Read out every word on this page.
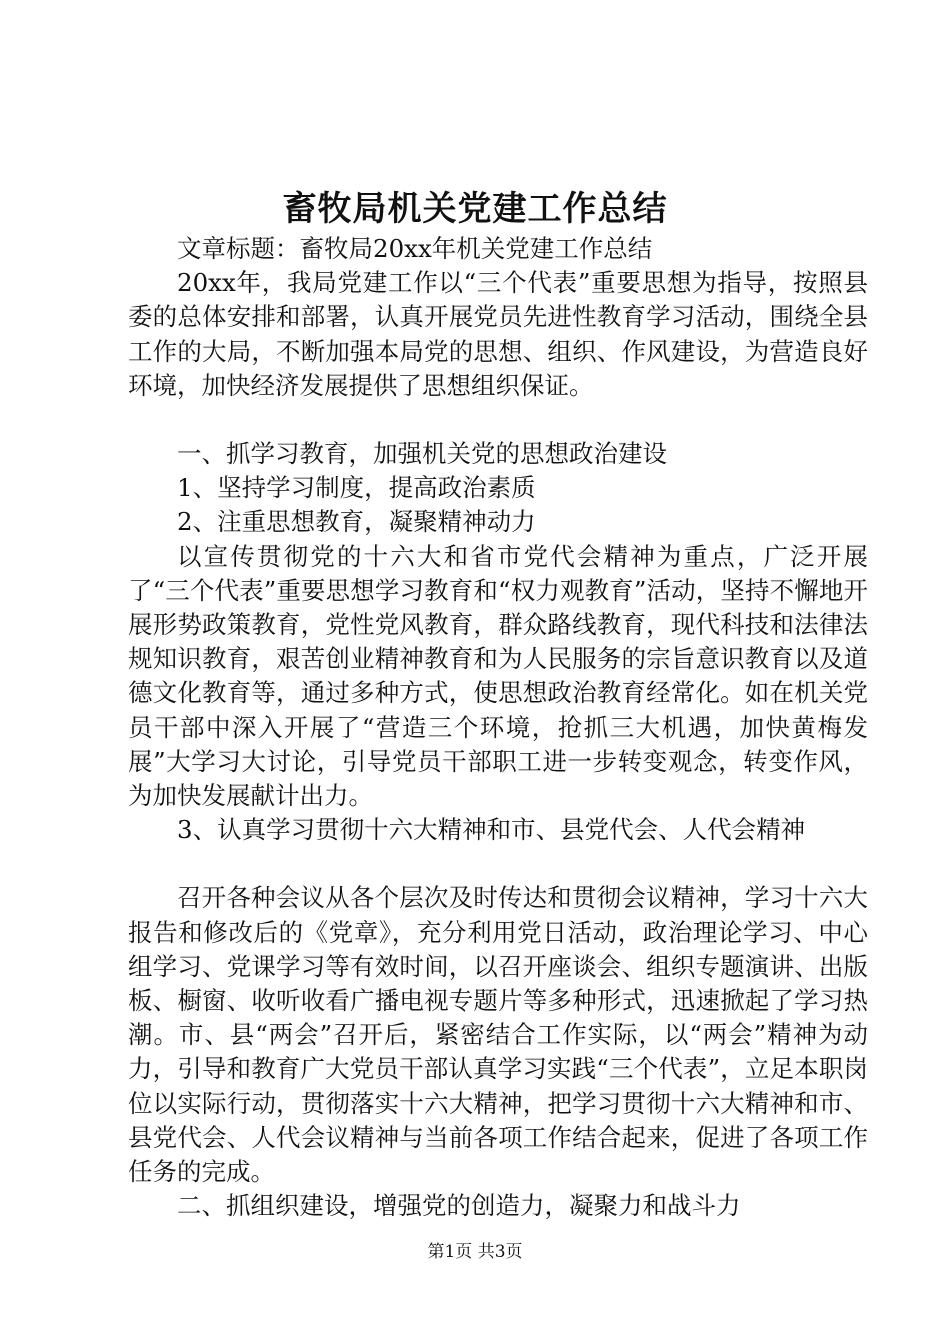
畜牧局机关党建工作总结

文章标题：畜牧局20xx年机关党建工作总结

20xx年，我局党建工作以“三个代表”重要思想为指导，按照县委的总体安排和部署，认真开展党员先进性教育学习活动，围绕全县工作的大局，不断加强本局党的思想、组织、作风建设，为营造良好环境，加快经济发展提供了思想组织保证。

一、抓学习教育，加强机关党的思想政治建设

1、坚持学习制度，提高政治素质

2、注重思想教育，凝聚精神动力

以宣传贯彻党的十六大和省市党代会精神为重点，广泛开展了“三个代表”重要思想学习教育和“权力观教育”活动，坚持不懈地开展形势政策教育，党性党风教育，群众路线教育，现代科技和法律法规知识教育，艰苦创业精神教育和为人民服务的宗旨意识教育以及道德文化教育等，通过多种方式，使思想政治教育经常化。如在机关党员干部中深入开展了“营造三个环境，抢抓三大机遇，加快黄梅发展”大学习大讨论，引导党员干部职工进一步转变观念，转变作风，为加快发展献计出力。

3、认真学习贯彻十六大精神和市、县党代会、人代会精神

召开各种会议从各个层次及时传达和贯彻会议精神，学习十六大报告和修改后的《党章》，充分利用党日活动，政治理论学习、中心组学习、党课学习等有效时间，以召开座谈会、组织专题演讲、出版板、橱窗、收听收看广播电视专题片等多种形式，迅速掀起了学习热潮。市、县“两会”召开后，紧密结合工作实际，以“两会”精神为动力，引导和教育广大党员干部认真学习实践“三个代表”，立足本职岗位以实际行动，贯彻落实十六大精神，把学习贯彻十六大精神和市、县党代会、人代会议精神与当前各项工作结合起来，促进了各项工作任务的完成。

二、抓组织建设，增强党的创造力，凝聚力和战斗力

第1页 共3页
